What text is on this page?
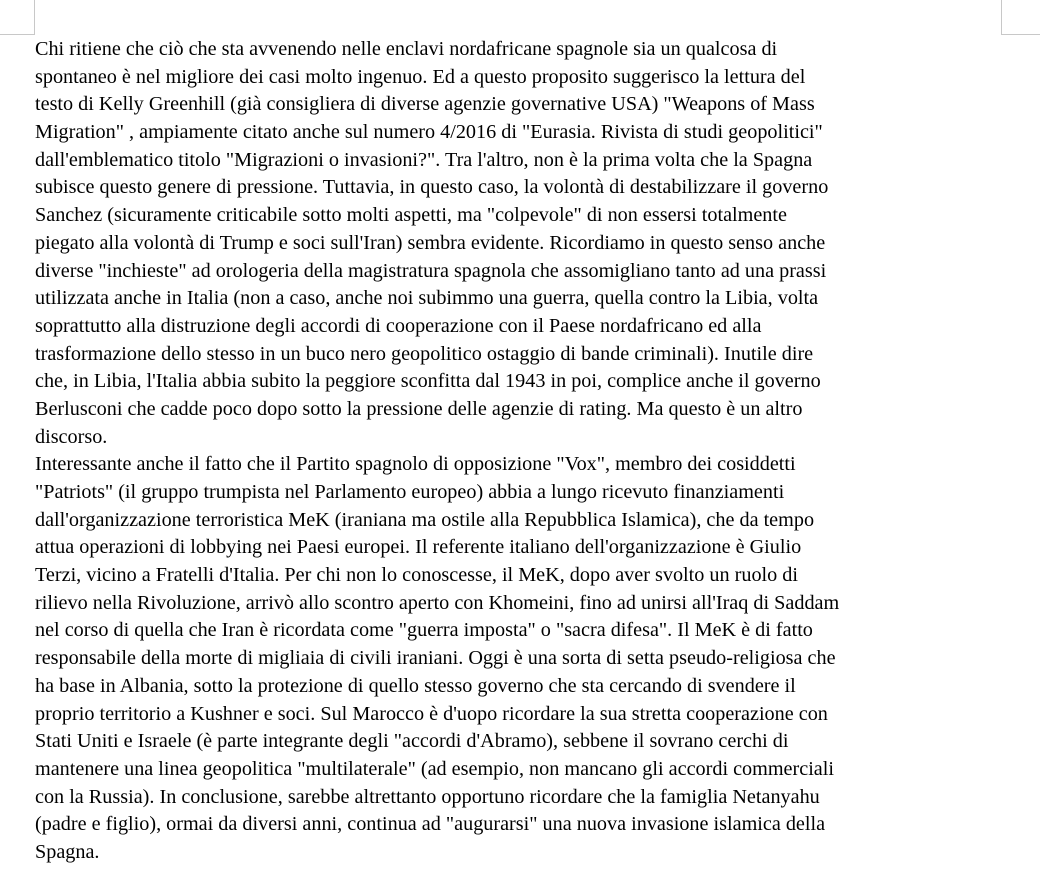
Chi ritiene che ciò che sta avvenendo nelle enclavi nordafricane spagnole sia un qualcosa di
spontaneo è nel migliore dei casi molto ingenuo. Ed a questo proposito suggerisco la lettura del
testo di Kelly Greenhill (già consigliera di diverse agenzie governative USA) "Weapons of Mass
Migration" , ampiamente citato anche sul numero 4/2016 di "Eurasia. Rivista di studi geopolitici"
dall'emblematico titolo "Migrazioni o invasioni?". Tra l'altro, non è la prima volta che la Spagna
subisce questo genere di pressione. Tuttavia, in questo caso, la volontà di destabilizzare il governo
Sanchez (sicuramente criticabile sotto molti aspetti, ma "colpevole" di non essersi totalmente
piegato alla volontà di Trump e soci sull'Iran) sembra evidente. Ricordiamo in questo senso anche
diverse "inchieste" ad orologeria della magistratura spagnola che assomigliano tanto ad una prassi
utilizzata anche in Italia (non a caso, anche noi subimmo una guerra, quella contro la Libia, volta
soprattutto alla distruzione degli accordi di cooperazione con il Paese nordafricano ed alla
trasformazione dello stesso in un buco nero geopolitico ostaggio di bande criminali). Inutile dire
che, in Libia, l'Italia abbia subito la peggiore sconfitta dal 1943 in poi, complice anche il governo
Berlusconi che cadde poco dopo sotto la pressione delle agenzie di rating. Ma questo è un altro
discorso.
Interessante anche il fatto che il Partito spagnolo di opposizione "Vox", membro dei cosiddetti
"Patriots" (il gruppo trumpista nel Parlamento europeo) abbia a lungo ricevuto finanziamenti
dall'organizzazione terroristica MeK (iraniana ma ostile alla Repubblica Islamica), che da tempo
attua operazioni di lobbying nei Paesi europei. Il referente italiano dell'organizzazione è Giulio
Terzi, vicino a Fratelli d'Italia. Per chi non lo conoscesse, il MeK, dopo aver svolto un ruolo di
rilievo nella Rivoluzione, arrivò allo scontro aperto con Khomeini, fino ad unirsi all'Iraq di Saddam
nel corso di quella che Iran è ricordata come "guerra imposta" o "sacra difesa". Il MeK è di fatto
responsabile della morte di migliaia di civili iraniani. Oggi è una sorta di setta pseudo-religiosa che
ha base in Albania, sotto la protezione di quello stesso governo che sta cercando di svendere il
proprio territorio a Kushner e soci. Sul Marocco è d'uopo ricordare la sua stretta cooperazione con
Stati Uniti e Israele (è parte integrante degli "accordi d'Abramo), sebbene il sovrano cerchi di
mantenere una linea geopolitica "multilaterale" (ad esempio, non mancano gli accordi commerciali
con la Russia). In conclusione, sarebbe altrettanto opportuno ricordare che la famiglia Netanyahu
(padre e figlio), ormai da diversi anni, continua ad "augurarsi" una nuova invasione islamica della
Spagna.
